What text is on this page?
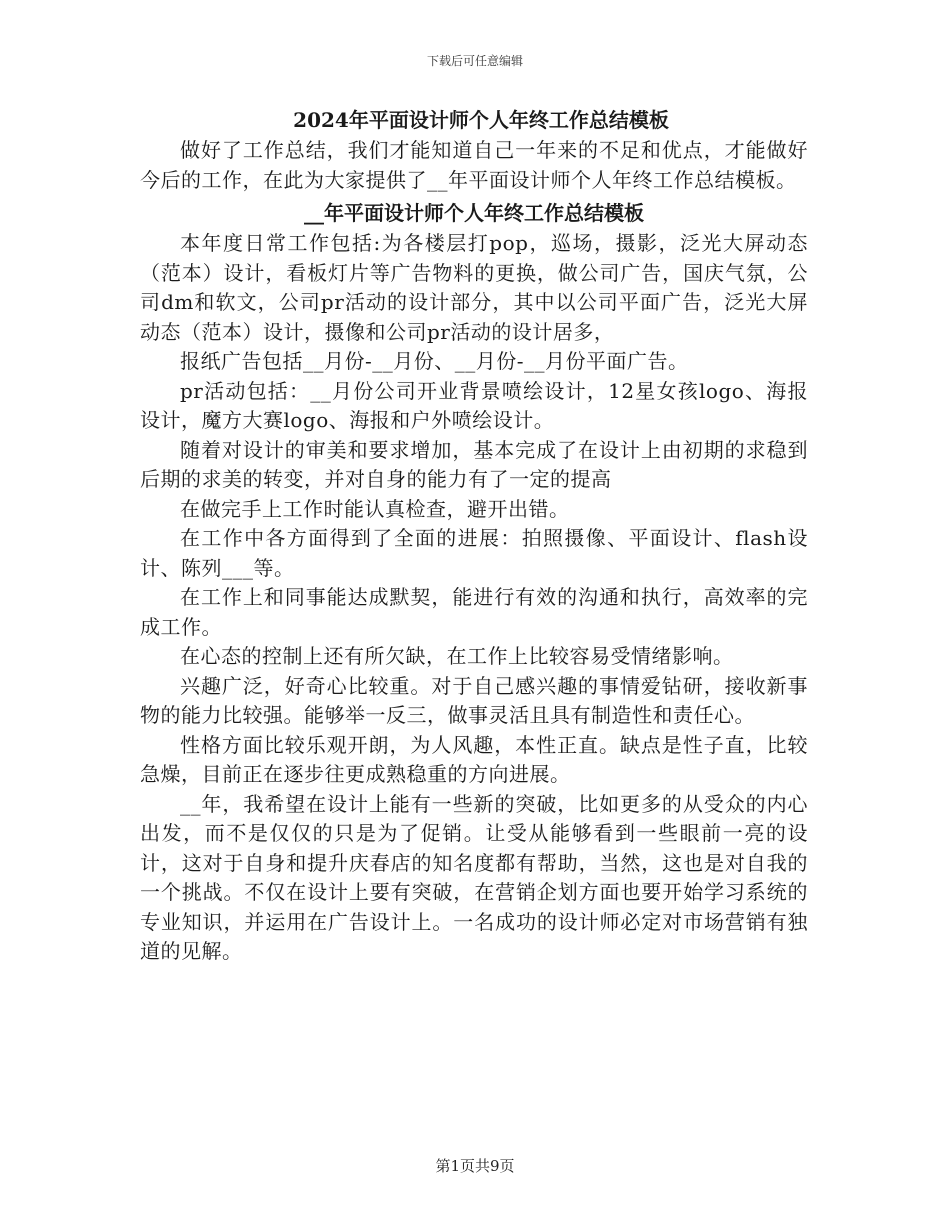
下载后可任意编辑
2024年平面设计师个人年终工作总结模板

做好了工作总结，我们才能知道自己一年来的不足和优点，才能做好今后的工作，在此为大家提供了__年平面设计师个人年终工作总结模板。

__年平面设计师个人年终工作总结模板

本年度日常工作包括:为各楼层打pop，巡场，摄影，泛光大屏动态（范本）设计，看板灯片等广告物料的更换，做公司广告，国庆气氛，公司dm和软文，公司pr活动的设计部分，其中以公司平面广告，泛光大屏动态（范本）设计，摄像和公司pr活动的设计居多，

报纸广告包括__月份-__月份、__月份-__月份平面广告。

pr活动包括：__月份公司开业背景喷绘设计，12星女孩logo、海报设计，魔方大赛logo、海报和户外喷绘设计。

随着对设计的审美和要求增加，基本完成了在设计上由初期的求稳到后期的求美的转变，并对自身的能力有了一定的提高

在做完手上工作时能认真检查，避开出错。

在工作中各方面得到了全面的进展：拍照摄像、平面设计、flash设计、陈列___等。

在工作上和同事能达成默契，能进行有效的沟通和执行，高效率的完成工作。

在心态的控制上还有所欠缺，在工作上比较容易受情绪影响。

兴趣广泛，好奇心比较重。对于自己感兴趣的事情爱钻研，接收新事物的能力比较强。能够举一反三，做事灵活且具有制造性和责任心。

性格方面比较乐观开朗，为人风趣，本性正直。缺点是性子直，比较急燥，目前正在逐步往更成熟稳重的方向进展。

__年，我希望在设计上能有一些新的突破，比如更多的从受众的内心出发，而不是仅仅的只是为了促销。让受从能够看到一些眼前一亮的设计，这对于自身和提升庆春店的知名度都有帮助，当然，这也是对自我的一个挑战。不仅在设计上要有突破，在营销企划方面也要开始学习系统的专业知识，并运用在广告设计上。一名成功的设计师必定对市场营销有独道的见解。

第1页共9页
